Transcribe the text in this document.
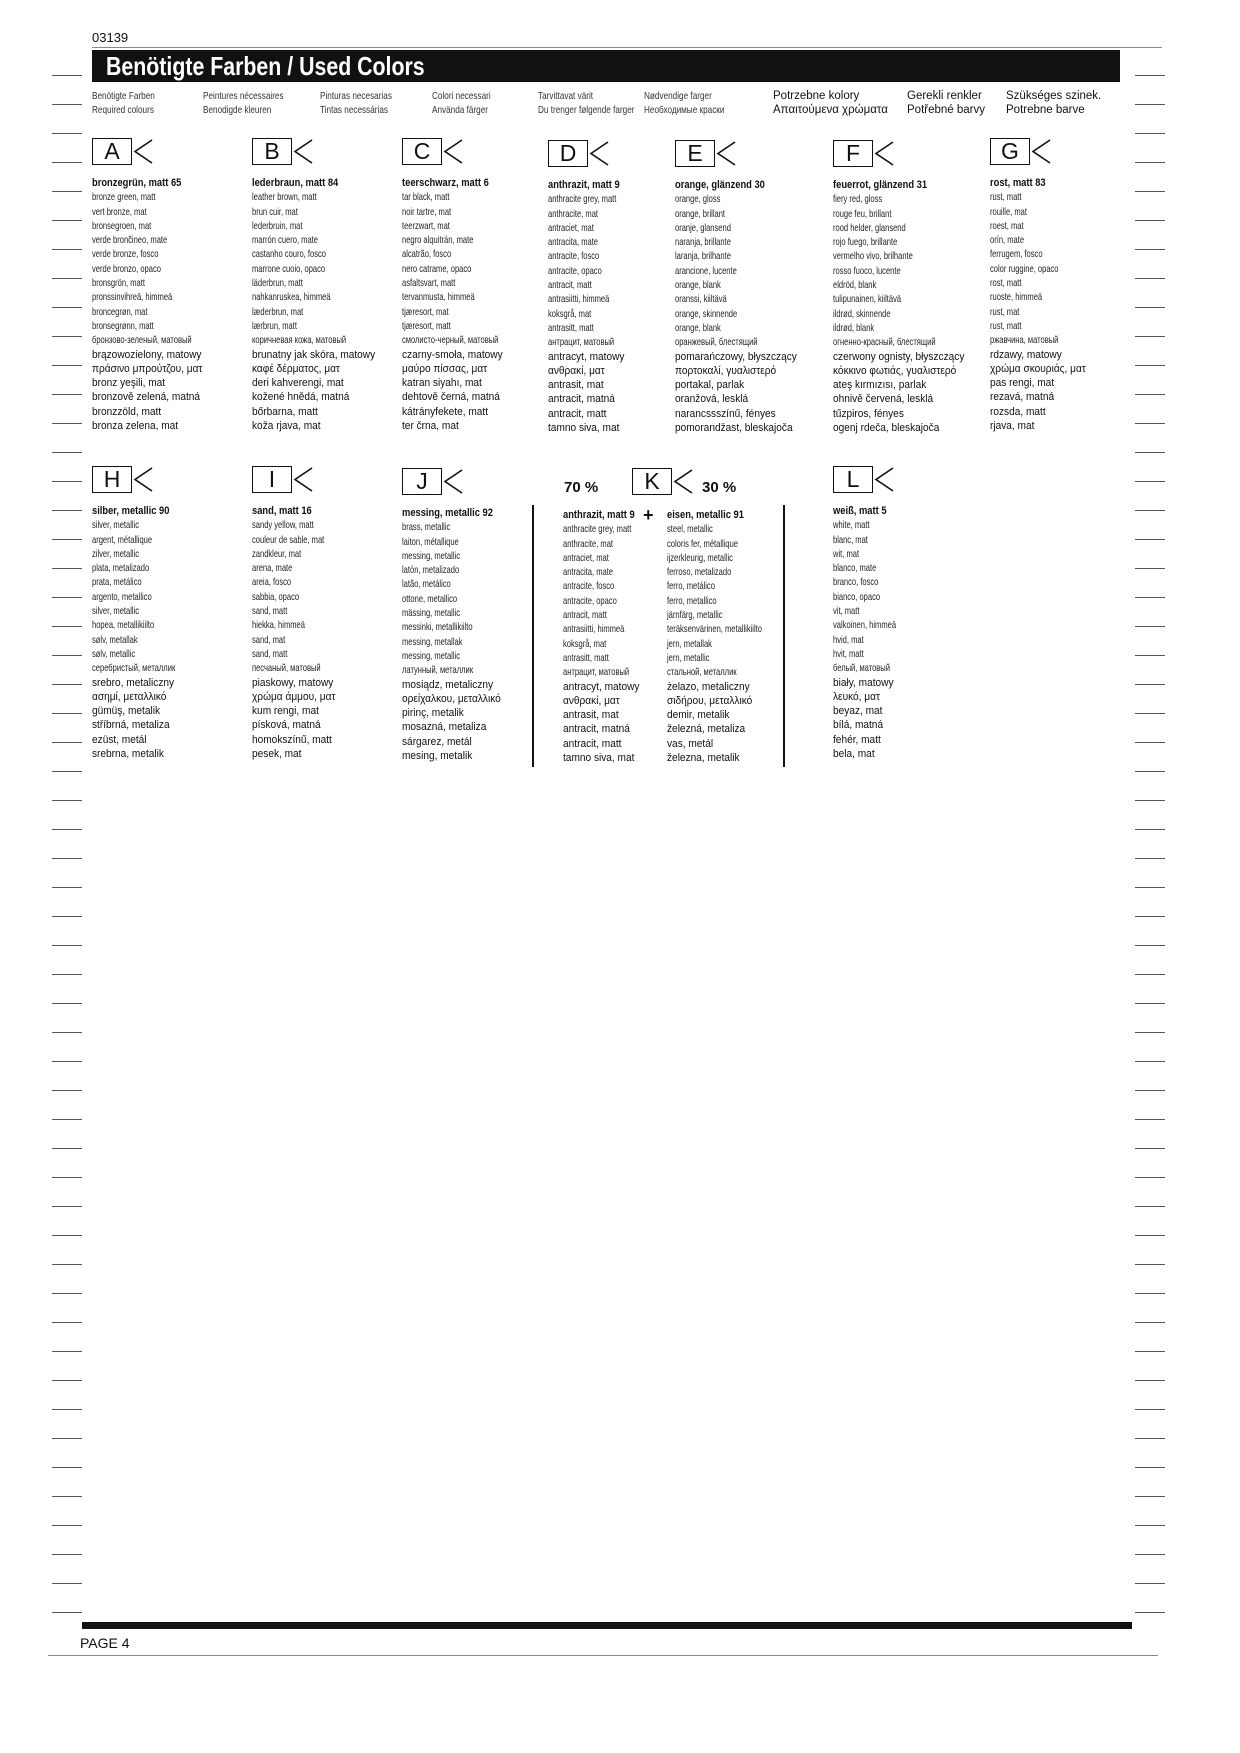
03139
Benötigte Farben / Used Colors
Benötigte Farben
Required colours
Peintures nécessaires
Benodigde kleuren
Pinturas necesarias
Tintas necessárias
Colori necessari
Använda färger
Tarvittavat värit
Du trenger følgende farger
Nødvendige farger
Необходимые краски
Potrzebne kolory
Απαιτούμενα χρώματα
Gerekli renkler
Potřebné barvy
Szükséges szinek.
Potrebne barve
A
bronzegrün, matt 65
bronze green, matt
vert bronze, mat
bronsegroen, mat
verde bronc̃ineo, mate
verde bronze, fosco
verde bronzo, opaco
bronsgrön, matt
pronssinvihreä, himmeä
broncegrøn, mat
bronsegrønn, matt
бронзово-зеленый, матовый
brązowozielony, matowy
πράσινο μπρούτζου, ματ
bronz yeşili, mat
bronzově zelená, matná
bronzzöld, matt
bronza zelena, mat
B
lederbraun, matt 84
leather brown, matt
brun cuir, mat
lederbruin, mat
marrón cuero, mate
castanho couro, fosco
marrone cuoio, opaco
läderbrun, matt
nahkanruskea, himmeä
læderbrun, mat
lærbrun, matt
коричневая кожа, матовый
brunatny jak skóra, matowy
καφέ δέρματος, ματ
deri kahverengi, mat
kožené hnědá, matná
bőrbarna, matt
koža rjava, mat
C
teerschwarz, matt 6
tar black, matt
noir tartre, mat
teerzwart, mat
negro alquitrán, mate
alcatrão, fosco
nero catrame, opaco
asfaltsvart, matt
tervanmusta, himmeä
tjæresort, mat
tjæresort, matt
смолисто-черный, матовый
czarny-smoła, matowy
μαύρο πίσσας, ματ
katran siyahı, mat
dehtově černá, matná
kátrányfekete, matt
ter črna, mat
D
anthrazit, matt 9
anthracite grey, matt
anthracite, mat
antraciet, mat
antracita, mate
antracite, fosco
antracite, opaco
antracit, matt
antrasiitti, himmeä
koksgrå, mat
antrasitt, matt
антрацит, матовый
antracyt, matowy
ανθρακί, ματ
antrasit, mat
antracit, matná
antracit, matt
tamno siva, mat
E
orange, glänzend 30
orange, gloss
orange, brillant
oranje, glansend
naranja, brillante
laranja, brilhante
arancione, lucente
orange, blank
oranssi, kiiltävä
orange, skinnende
orange, blank
оранжевый, блестящий
pomarańczowy, błyszczący
πορτοκαλί, γυαλιστερό
portakal, parlak
oranžová, lesklá
narancssszínű, fényes
pomorandžast, bleskajoča
F
feuerrot, glänzend 31
fiery red, gloss
rouge feu, brillant
rood helder, glansend
rojo fuego, brillante
vermelho vivo, brilhante
rosso fuoco, lucente
eldröd, blank
tulipunainen, kiiltävä
ildrød, skinnende
ildrød, blank
огненно-красный, блестящий
czerwony ognisty, błyszczący
κόκκινο φωτιάς, γυαλιστερό
ateş kırmızısı, parlak
ohnivě červená, lesklá
tűzpiros, fényes
ogenj rdeča, bleskajoča
G
rost, matt 83
rust, matt
rouille, mat
roest, mat
orín, mate
ferrugem, fosco
color ruggine, opaco
rost, matt
ruoste, himmeä
rust, mat
rust, matt
ржавчина, матовый
rdzawy, matowy
χρώμα σκουριάς, ματ
pas rengi, mat
rezavá, matná
rozsda, matt
rjava, mat
H
silber, metallic 90
silver, metallic
argent, métallique
zilver, metallic
plata, metalizado
prata, metálico
argento, metallico
silver, metallic
hopea, metallikiilto
sølv, metallak
sølv, metallic
серебристый, металлик
srebro, metaliczny
ασημί, μεταλλικό
gümüş, metalik
stříbrná, metaliza
ezüst, metál
srebrna, metalik
I
sand, matt 16
sandy yellow, matt
couleur de sable, mat
zandkleur, mat
arena, mate
areia, fosco
sabbia, opaco
sand, matt
hiekka, himmeä
sand, mat
sand, matt
песчаный, матовый
piaskowy, matowy
χρώμα άμμου, ματ
kum rengi, mat
písková, matná
homokszínű, matt
pesek, mat
J
messing, metallic 92
brass, metallic
laiton, métallique
messing, metallic
latón, metalizado
latão, metálico
ottone, metallico
mässing, metallic
messinki, metallikiilto
messing, metallak
messing, metallic
латунный, металлик
mosiądz, metaliczny
ορείχαλκου, μεταλλικό
pirinç, metalik
mosazná, metaliza
sárgarez, metál
mesing, metalik
anthrazit, matt 9
anthracite grey, matt
anthracite, mat
antraciet, mat
antracita, mate
antracite, fosco
antracite, opaco
antracit, matt
antrasiitti, himmeä
koksgrå, mat
antrasitt, matt
антрацит, матовый
antracyt, matowy
ανθρακί, ματ
antrasit, mat
antracit, matná
antracit, matt
tamno siva, mat
K
eisen, metallic 91
steel, metallic
coloris fer, métallique
ijzerkleurig, metallic
ferroso, metalizado
ferro, metálico
ferro, metallico
järnfärg, metallic
teräksenvärinen, metallikiilto
jern, metallak
jern, metallic
стальной, металлик
żelazo, metaliczny
σιδήρου, μεταλλικό
demir, metalik
železná, metaliza
vas, metál
železna, metalik
L
weiß, matt 5
white, matt
blanc, mat
wit, mat
blanco, mate
branco, fosco
bianco, opaco
vit, matt
valkoinen, himmeä
hvid, mat
hvit, matt
белый, матовый
biały, matowy
λευκό, ματ
beyaz, mat
bílá, matná
fehér, matt
bela, mat
70 %	30 %
+
PAGE 4
